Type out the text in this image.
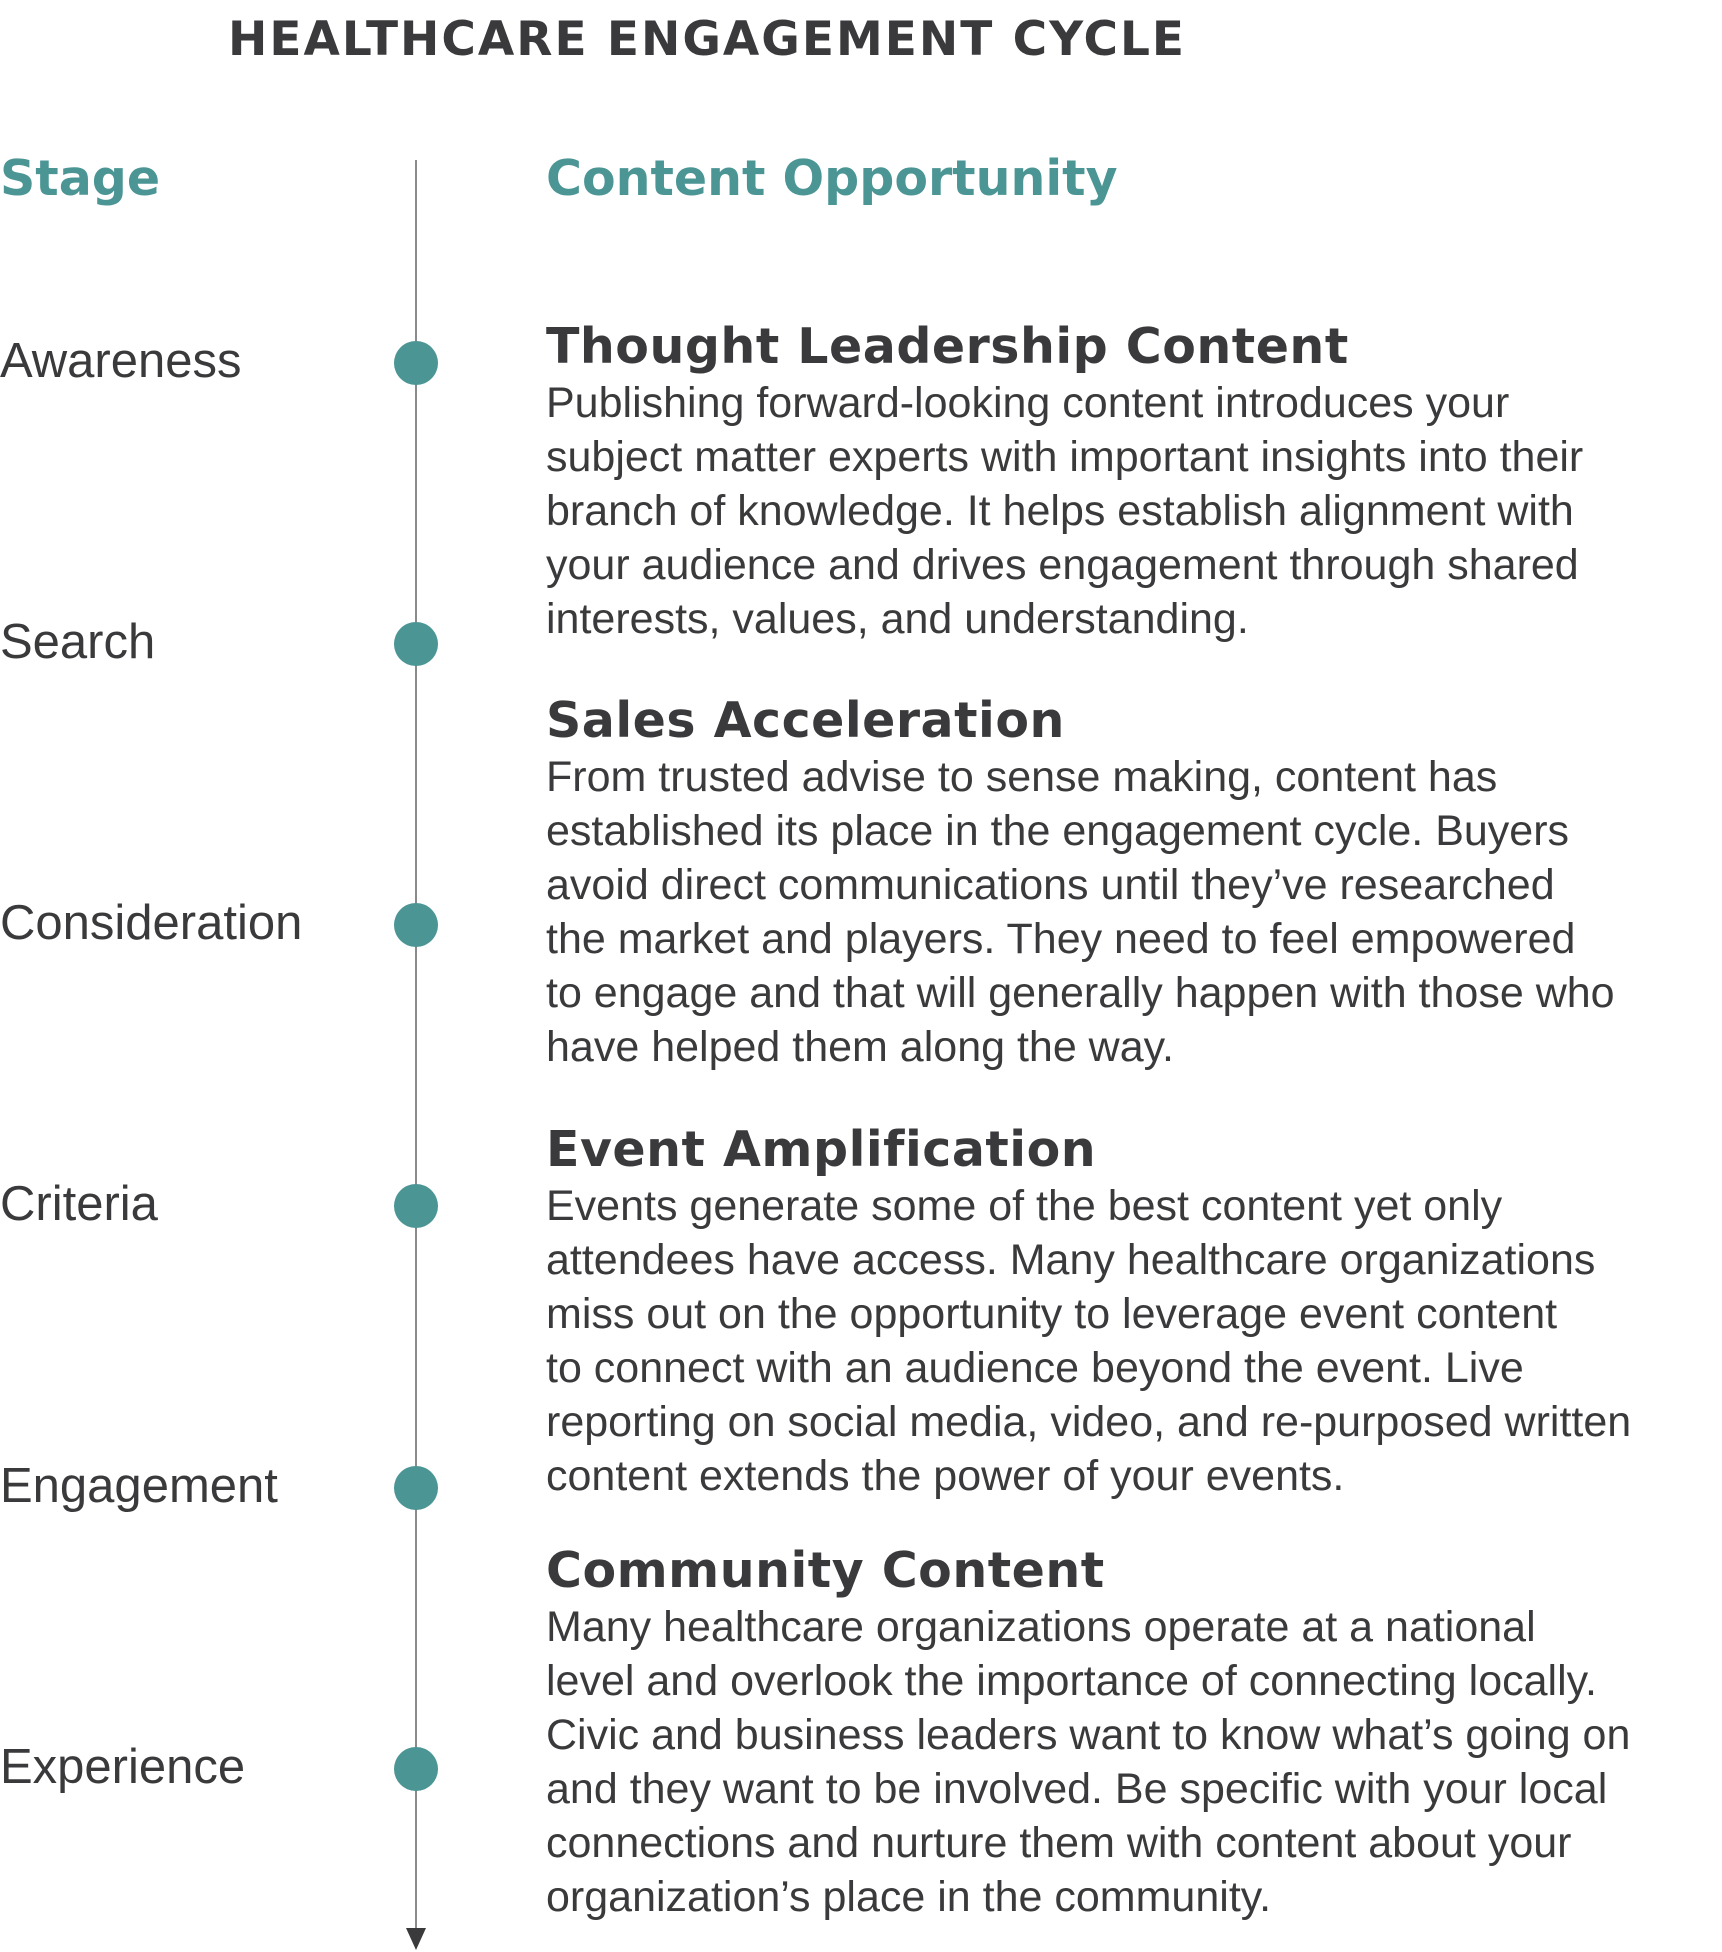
HEALTHCARE ENGAGEMENT CYCLE
Stage	Content Opportunity
Awareness
Search
Consideration
Criteria
Engagement
Experience
Thought Leadership Content
Publishing forward-looking content introduces your
subject matter experts with important insights into their
branch of knowledge. It helps establish alignment with
your audience and drives engagement through shared
interests, values, and understanding.
Sales Acceleration
From trusted advise to sense making, content has
established its place in the engagement cycle. Buyers
avoid direct communications until they’ve researched
the market and players. They need to feel empowered
to engage and that will generally happen with those who
have helped them along the way.
Event Amplification
Events generate some of the best content yet only
attendees have access. Many healthcare organizations
miss out on the opportunity to leverage event content
to connect with an audience beyond the event. Live
reporting on social media, video, and re-purposed written
content extends the power of your events.
Community Content
Many healthcare organizations operate at a national
level and overlook the importance of connecting locally.
Civic and business leaders want to know what’s going on
and they want to be involved. Be specific with your local
connections and nurture them with content about your
organization’s place in the community.
